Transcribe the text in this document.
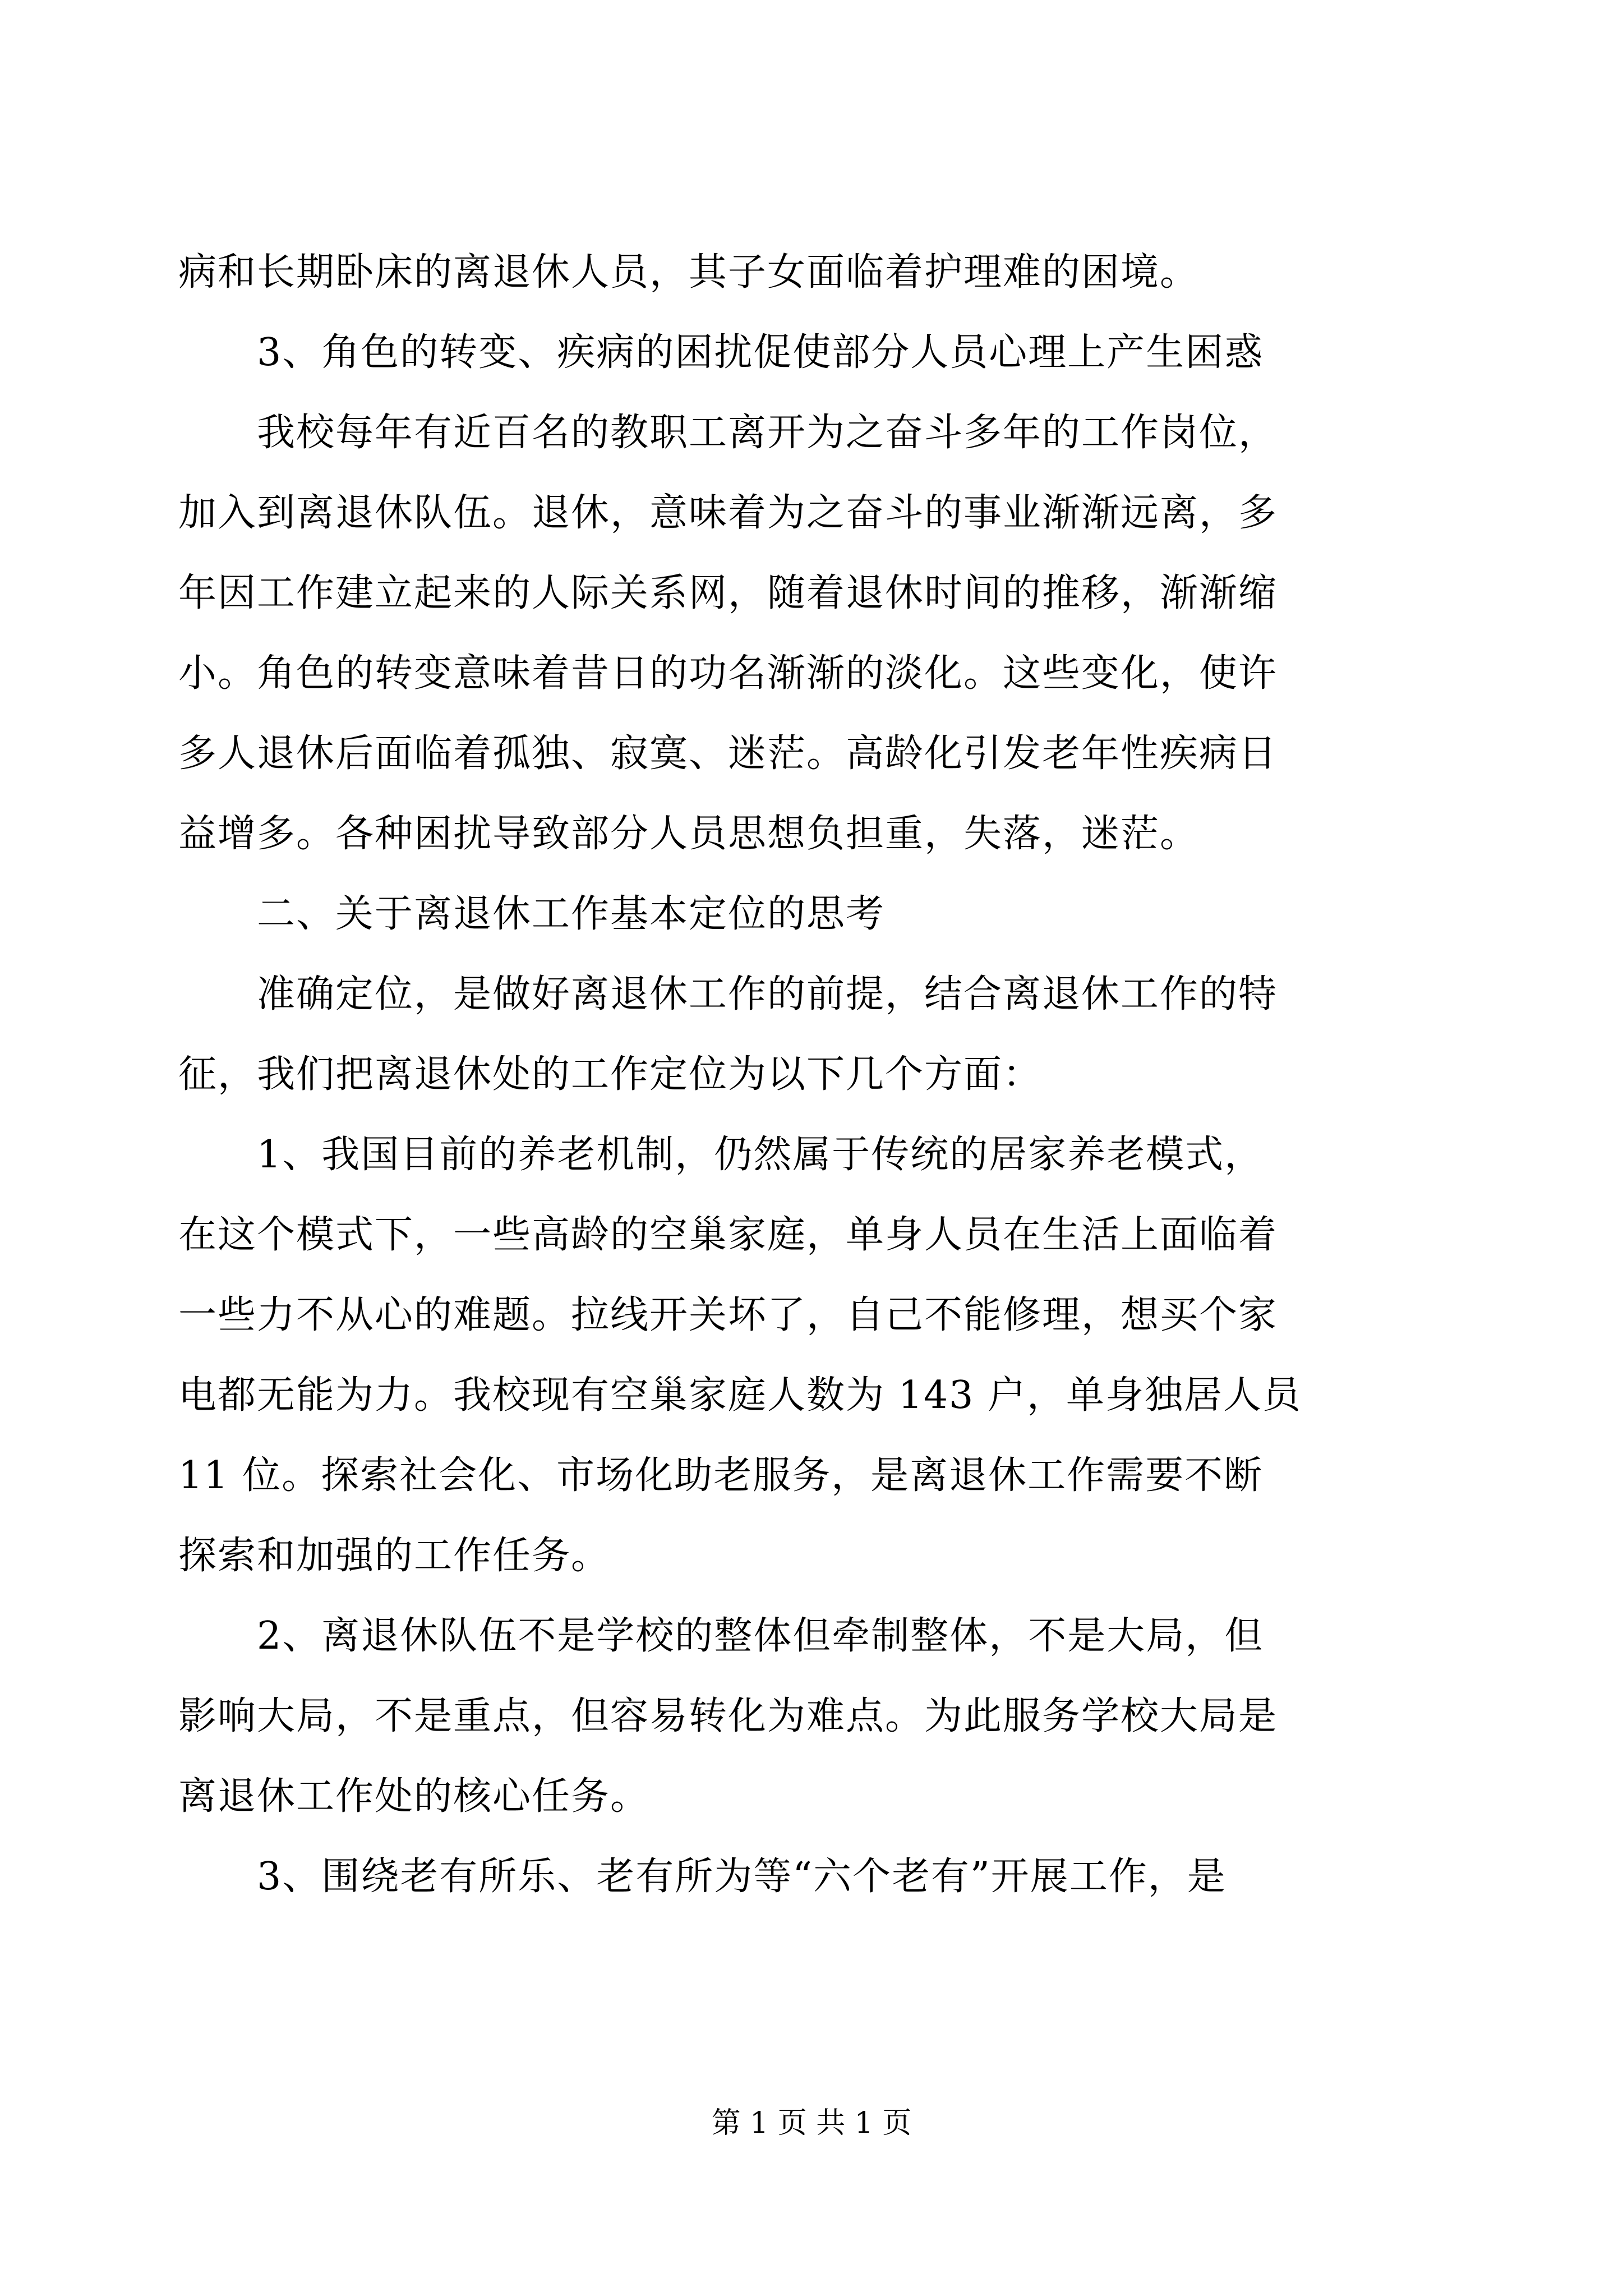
病和长期卧床的离退休人员，其子女面临着护理难的困境。
3、角色的转变、疾病的困扰促使部分人员心理上产生困惑
我校每年有近百名的教职工离开为之奋斗多年的工作岗位，
加入到离退休队伍。退休，意味着为之奋斗的事业渐渐远离，多
年因工作建立起来的人际关系网，随着退休时间的推移，渐渐缩
小。角色的转变意味着昔日的功名渐渐的淡化。这些变化，使许
多人退休后面临着孤独、寂寞、迷茫。高龄化引发老年性疾病日
益增多。各种困扰导致部分人员思想负担重，失落，迷茫。
二、关于离退休工作基本定位的思考
准确定位，是做好离退休工作的前提，结合离退休工作的特
征，我们把离退休处的工作定位为以下几个方面：
1、我国目前的养老机制，仍然属于传统的居家养老模式，
在这个模式下，一些高龄的空巢家庭，单身人员在生活上面临着
一些力不从心的难题。拉线开关坏了，自己不能修理，想买个家
电都无能为力。我校现有空巢家庭人数为 143 户，单身独居人员
11 位。探索社会化、市场化助老服务，是离退休工作需要不断
探索和加强的工作任务。
2、离退休队伍不是学校的整体但牵制整体，不是大局，但
影响大局，不是重点，但容易转化为难点。为此服务学校大局是
离退休工作处的核心任务。
3、围绕老有所乐、老有所为等“六个老有”开展工作，是
第 1 页 共 1 页
